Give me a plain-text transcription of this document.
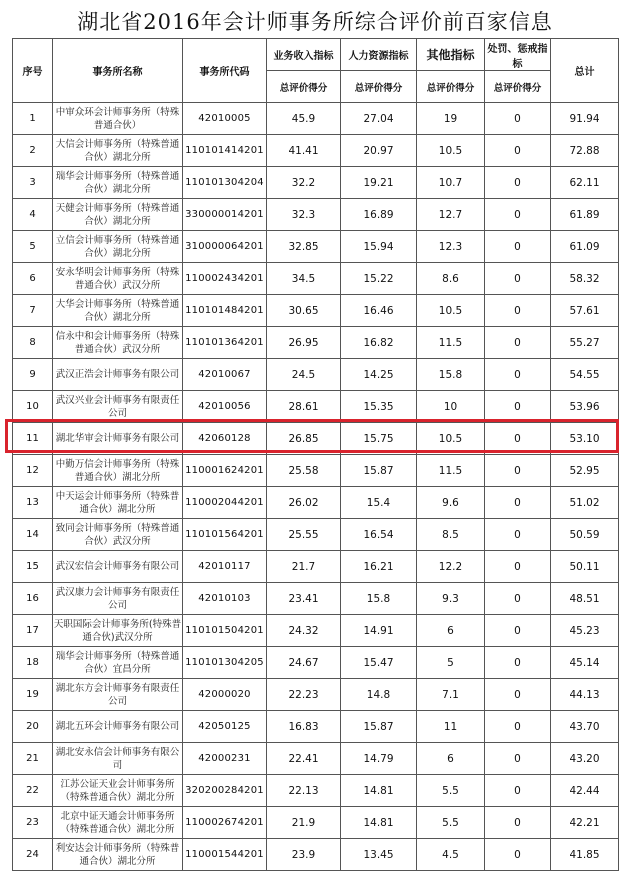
湖北省2016年会计师事务所综合评价前百家信息
序号	事务所名称	事务所代码	业务收入指标	人力资源指标	其他指标	处罚、惩戒指标	总计
			总评价得分	总评价得分	总评价得分	总评价得分	
1	中审众环会计师事务所（特殊普通合伙）	42010005	45.9	27.04	19	0	91.94
2	大信会计师事务所（特殊普通合伙）湖北分所	110101414201	41.41	20.97	10.5	0	72.88
3	瑞华会计师事务所（特殊普通合伙）湖北分所	110101304204	32.2	19.21	10.7	0	62.11
4	天健会计师事务所（特殊普通合伙）湖北分所	330000014201	32.3	16.89	12.7	0	61.89
5	立信会计师事务所（特殊普通合伙）湖北分所	310000064201	32.85	15.94	12.3	0	61.09
6	安永华明会计师事务所（特殊普通合伙）武汉分所	110002434201	34.5	15.22	8.6	0	58.32
7	大华会计师事务所（特殊普通合伙）湖北分所	110101484201	30.65	16.46	10.5	0	57.61
8	信永中和会计师事务所（特殊普通合伙）武汉分所	110101364201	26.95	16.82	11.5	0	55.27
9	武汉正浩会计师事务有限公司	42010067	24.5	14.25	15.8	0	54.55
10	武汉兴业会计师事务有限责任公司	42010056	28.61	15.35	10	0	53.96
11	湖北华审会计师事务有限公司	42060128	26.85	15.75	10.5	0	53.10
12	中勤万信会计师事务所（特殊普通合伙）湖北分所	110001624201	25.58	15.87	11.5	0	52.95
13	中天运会计师事务所（特殊普通合伙）湖北分所	110002044201	26.02	15.4	9.6	0	51.02
14	致同会计师事务所（特殊普通合伙）武汉分所	110101564201	25.55	16.54	8.5	0	50.59
15	武汉宏信会计师事务有限公司	42010117	21.7	16.21	12.2	0	50.11
16	武汉康力会计师事务有限责任公司	42010103	23.41	15.8	9.3	0	48.51
17	天职国际会计师事务所(特殊普通合伙)武汉分所	110101504201	24.32	14.91	6	0	45.23
18	瑞华会计师事务所（特殊普通合伙）宜昌分所	110101304205	24.67	15.47	5	0	45.14
19	湖北东方会计师事务有限责任公司	42000020	22.23	14.8	7.1	0	44.13
20	湖北五环会计师事务有限公司	42050125	16.83	15.87	11	0	43.70
21	湖北安永信会计师事务有限公司	42000231	22.41	14.79	6	0	43.20
22	江苏公证天业会计师事务所（特殊普通合伙）湖北分所	320200284201	22.13	14.81	5.5	0	42.44
23	北京中证天通会计师事务所（特殊普通合伙）湖北分所	110002674201	21.9	14.81	5.5	0	42.21
24	利安达会计师事务所（特殊普通合伙）湖北分所	110001544201	23.9	13.45	4.5	0	41.85
